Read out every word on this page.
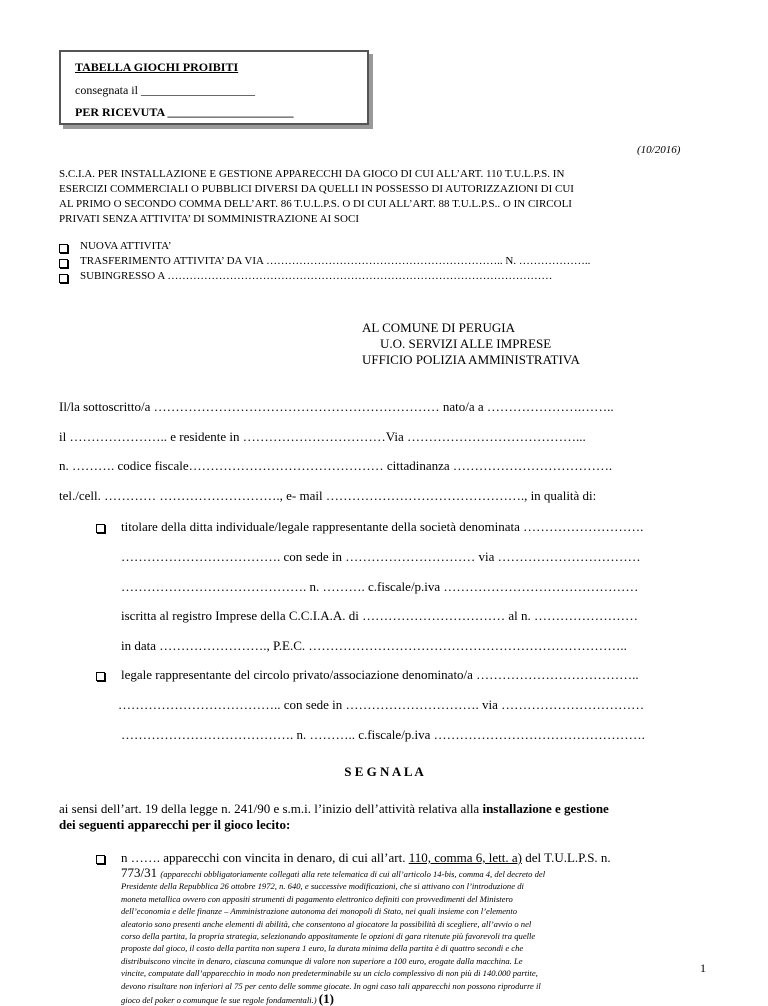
TABELLA GIOCHI PROIBITI
consegnata il ___________________
PER RICEVUTA _____________________
(10/2016)
S.C.I.A. PER INSTALLAZIONE E GESTIONE APPARECCHI DA GIOCO DI CUI ALL’ART. 110 T.U.L.P.S. IN
ESERCIZI COMMERCIALI O PUBBLICI DIVERSI DA QUELLI IN POSSESSO DI AUTORIZZAZIONI DI CUI
AL PRIMO O SECONDO COMMA DELL’ART. 86 T.U.L.P.S. O DI CUI ALL’ART. 88 T.U.L.P.S.. O IN CIRCOLI
PRIVATI SENZA ATTIVITA’ DI SOMMINISTRAZIONE AI SOCI
NUOVA ATTIVITA’
TRASFERIMENTO ATTIVITA’ DA VIA ……………………………………………………….. N. ………………..
SUBINGRESSO A ……………………………………………………………………………………………
AL COMUNE DI PERUGIA
U.O. SERVIZI ALLE IMPRESE
UFFICIO POLIZIA AMMINISTRATIVA
Il/la sottoscritto/a ………………………………………………………… nato/a a ………………….……..
il ………………….. e residente in ……………………………Via …………………………………...
n. ………. codice fiscale……………………………………… cittadinanza ……………………………….
tel./cell. ………… ………………………., e- mail ………………………………………., in qualità di:
titolare della ditta individuale/legale rappresentante della società denominata ……………………….
………………………………. con sede in ………………………… via ……………………………
……………………………………. n. ………. c.fiscale/p.iva ………………………………………
iscritta al registro Imprese della C.C.I.A.A. di …………………………… al n. ……………………
in data ……………………., P.E.C. ………………………………………………………………..
legale rappresentante del circolo privato/associazione denominato/a ………………………………..
……………………………….. con sede in …………………………. via ……………………………
…………………………………. n. ……….. c.fiscale/p.iva ………………………………………….
S E G N A L A
ai sensi dell’art. 19 della legge n. 241/90 e s.m.i. l’inizio dell’attività relativa alla installazione e gestione
dei seguenti apparecchi per il gioco lecito:
n ……. apparecchi con vincita in denaro, di cui all’art. 110, comma 6, lett. a) del T.U.L.P.S. n.
773/31 (apparecchi obbligatoriamente collegati alla rete telematica di cui all’articolo 14-bis, comma 4, del decreto del
Presidente della Repubblica 26 ottobre 1972, n. 640, e successive modificazioni, che si attivano con l’introduzione di
moneta metallica ovvero con appositi strumenti di pagamento elettronico definiti con provvedimenti del Ministero
dell’economia e delle finanze – Amministrazione autonoma dei monopoli di Stato, nei quali insieme con l’elemento
aleatorio sono presenti anche elementi di abilità, che consentono al giocatore la possibilità di scegliere, all’avvio o nel
corso della partita, la propria strategia, selezionando appositamente le opzioni di gara ritenute più favorevoli tra quelle
proposte dal gioco, il costo della partita non supera 1 euro, la durata minima della partita è di quattro secondi e che
distribuiscono vincite in denaro, ciascuna comunque di valore non superiore a 100 euro, erogate dalla macchina. Le
vincite, computate dall’apparecchio in modo non predeterminabile su un ciclo complessivo di non più di 140.000 partite,
devono risultare non inferiori al 75 per cento delle somme giocate. In ogni caso tali apparecchi non possono riprodurre il
gioco del poker o comunque le sue regole fondamentali.) (1)
1
